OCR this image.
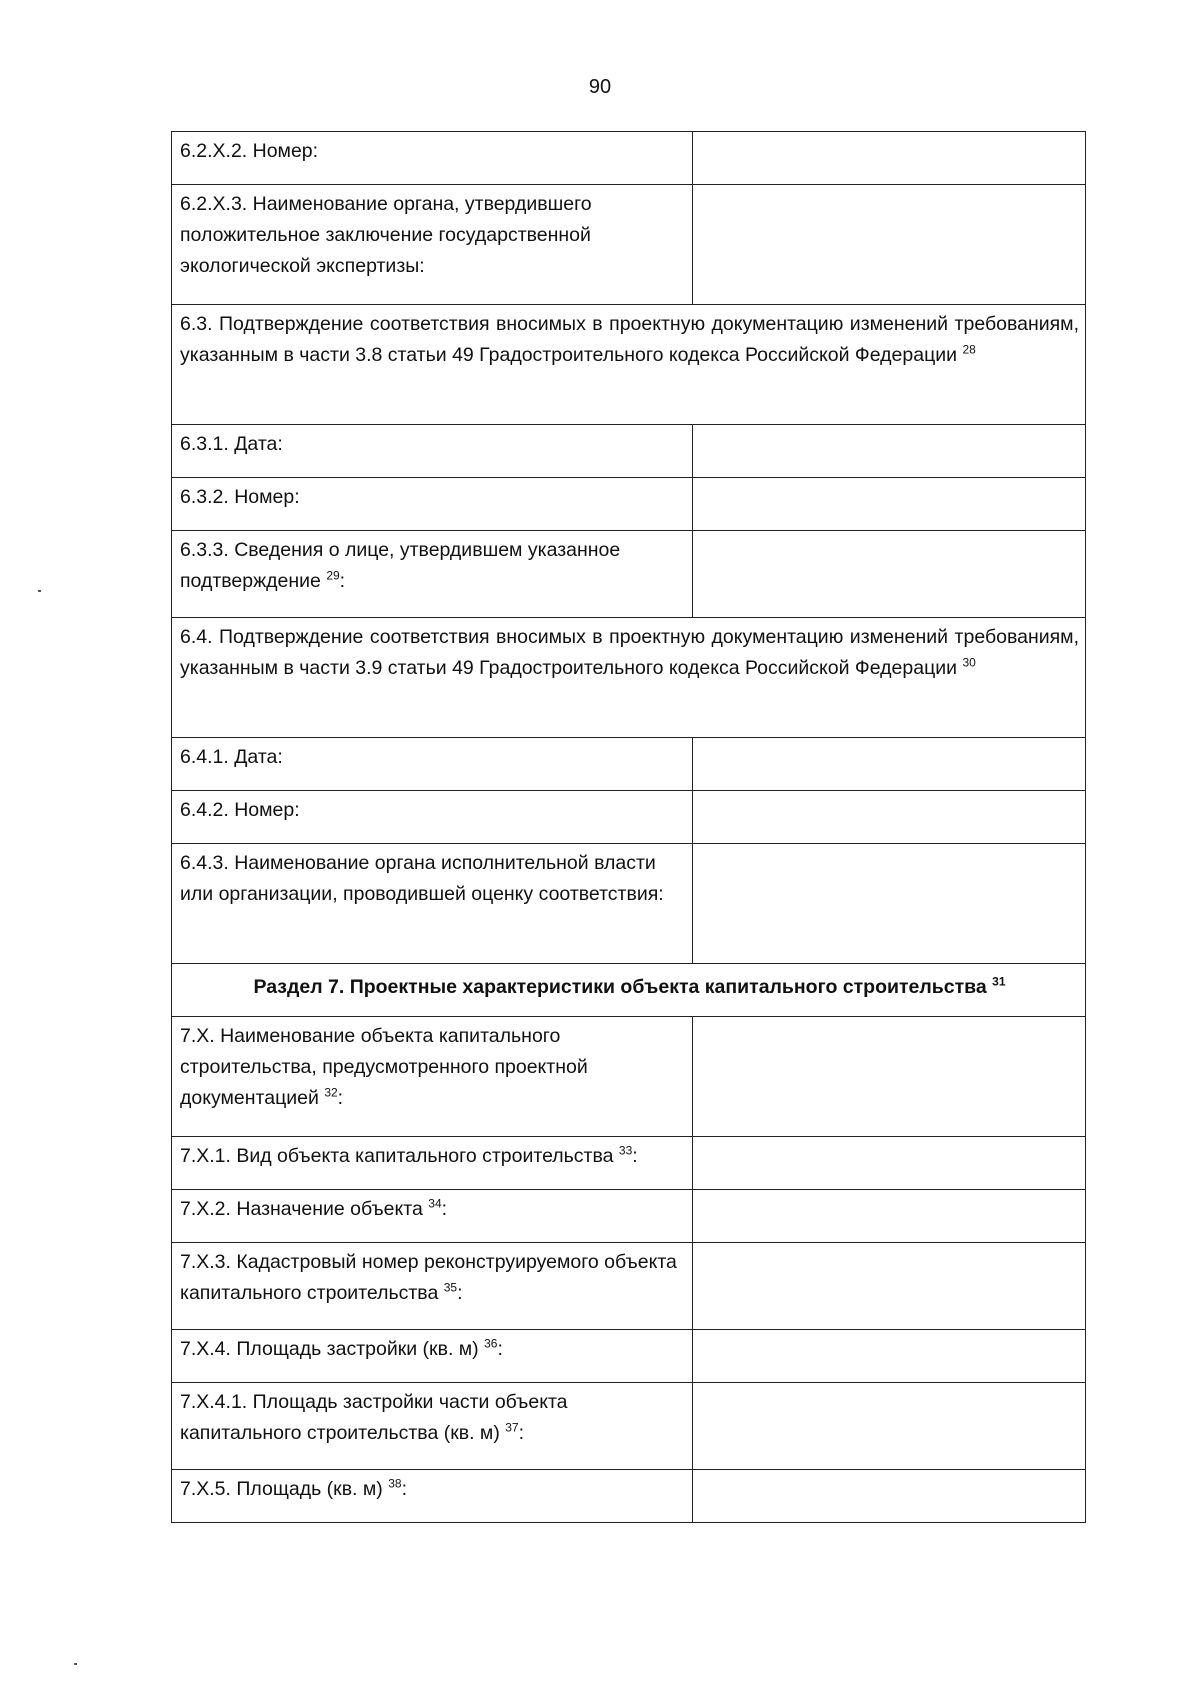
90
6.2.X.2. Номер:	
6.2.X.3. Наименование органа, утвердившего положительное заключение государственной экологической экспертизы:	
6.3. Подтверждение соответствия вносимых в проектную документацию изменений требованиям, указанным в части 3.8 статьи 49 Градостроительного кодекса Российской Федерации $^{28}$
6.3.1. Дата:	
6.3.2. Номер:	
6.3.3. Сведения о лице, утвердившем указанное подтверждение $^{29}$:	
6.4. Подтверждение соответствия вносимых в проектную документацию изменений требованиям, указанным в части 3.9 статьи 49 Градостроительного кодекса Российской Федерации $^{30}$
6.4.1. Дата:	
6.4.2. Номер:	
6.4.3. Наименование органа исполнительной власти или организации, проводившей оценку соответствия:	
Раздел 7. Проектные характеристики объекта капитального строительства $^{31}$
7.X. Наименование объекта капитального строительства, предусмотренного проектной документацией $^{32}$:	
7.X.1. Вид объекта капитального строительства $^{33}$:	
7.X.2. Назначение объекта $^{34}$:	
7.X.3. Кадастровый номер реконструируемого объекта капитального строительства $^{35}$:	
7.X.4. Площадь застройки (кв. м) $^{36}$:	
7.X.4.1. Площадь застройки части объекта капитального строительства (кв. м) $^{37}$:	
7.X.5. Площадь (кв. м) $^{38}$:	
